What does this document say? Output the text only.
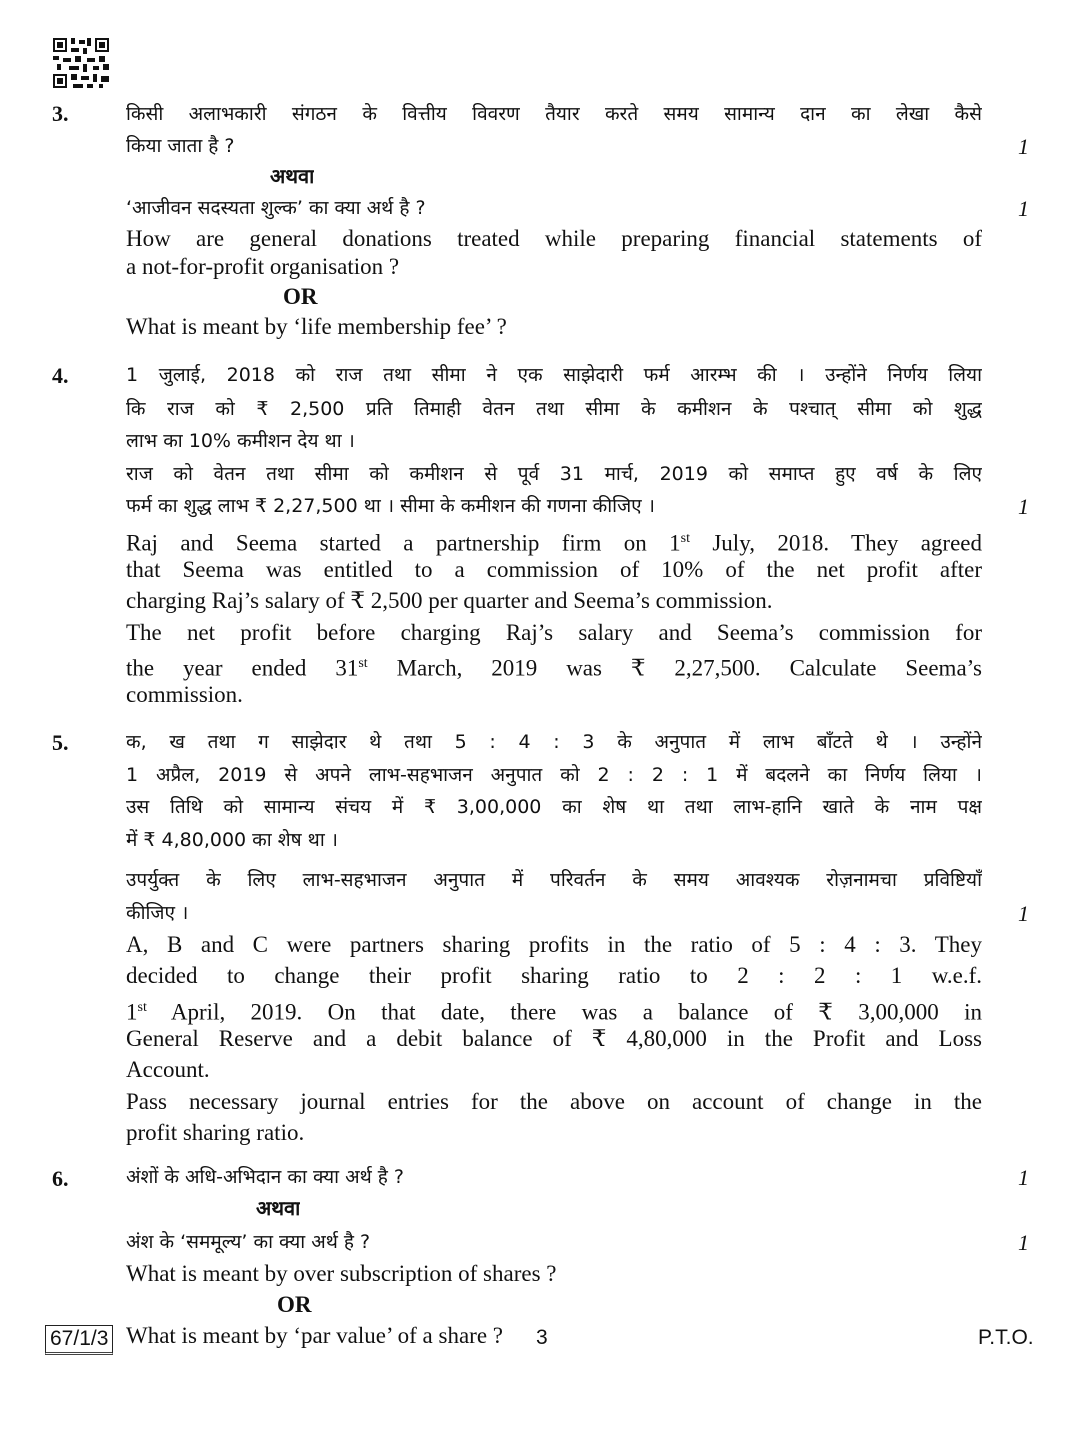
3.	किसी अलाभकारी संगठन के वित्तीय विवरण तैयार करते समय सामान्य दान का लेखा कैसे
किया जाता है ?	1
अथवा
‘आजीवन सदस्यता शुल्क’ का क्या अर्थ है ?	1
How are general donations treated while preparing financial statements of
a not-for-profit organisation ?
OR
What is meant by ‘life membership fee’ ?
4.	1 जुलाई, 2018 को राज तथा सीमा ने एक साझेदारी फर्म आरम्भ की । उन्होंने निर्णय लिया
कि राज को ₹ 2,500 प्रति तिमाही वेतन तथा सीमा के कमीशन के पश्चात् सीमा को शुद्ध
लाभ का 10% कमीशन देय था ।
राज को वेतन तथा सीमा को कमीशन से पूर्व 31 मार्च, 2019 को समाप्त हुए वर्ष के लिए
फर्म का शुद्ध लाभ ₹ 2,27,500 था । सीमा के कमीशन की गणना कीजिए ।	1
Raj and Seema started a partnership firm on 1st July, 2018. They agreed
that Seema was entitled to a commission of 10% of the net profit after
charging Raj’s salary of ₹ 2,500 per quarter and Seema’s commission.
The net profit before charging Raj’s salary and Seema’s commission for
the year ended 31st March, 2019 was ₹ 2,27,500. Calculate Seema’s
commission.
5.	क, ख तथा ग साझेदार थे तथा 5 : 4 : 3 के अनुपात में लाभ बाँटते थे । उन्होंने
1 अप्रैल, 2019 से अपने लाभ-सहभाजन अनुपात को 2 : 2 : 1 में बदलने का निर्णय लिया ।
उस तिथि को सामान्य संचय में ₹ 3,00,000 का शेष था तथा लाभ-हानि खाते के नाम पक्ष
में ₹ 4,80,000 का शेष था ।
उपर्युक्त के लिए लाभ-सहभाजन अनुपात में परिवर्तन के समय आवश्यक रोज़नामचा प्रविष्टियाँ
कीजिए ।	1
A, B and C were partners sharing profits in the ratio of 5 : 4 : 3. They
decided to change their profit sharing ratio to 2 : 2 : 1 w.e.f.
1st April, 2019. On that date, there was a balance of ₹ 3,00,000 in
General Reserve and a debit balance of ₹ 4,80,000 in the Profit and Loss
Account.
Pass necessary journal entries for the above on account of change in the
profit sharing ratio.
6.	अंशों के अधि-अभिदान का क्या अर्थ है ?	1
अथवा
अंश के ‘सममूल्य’ का क्या अर्थ है ?	1
What is meant by over subscription of shares ?
OR
What is meant by ‘par value’ of a share ?
67/1/3	3	P.T.O.
